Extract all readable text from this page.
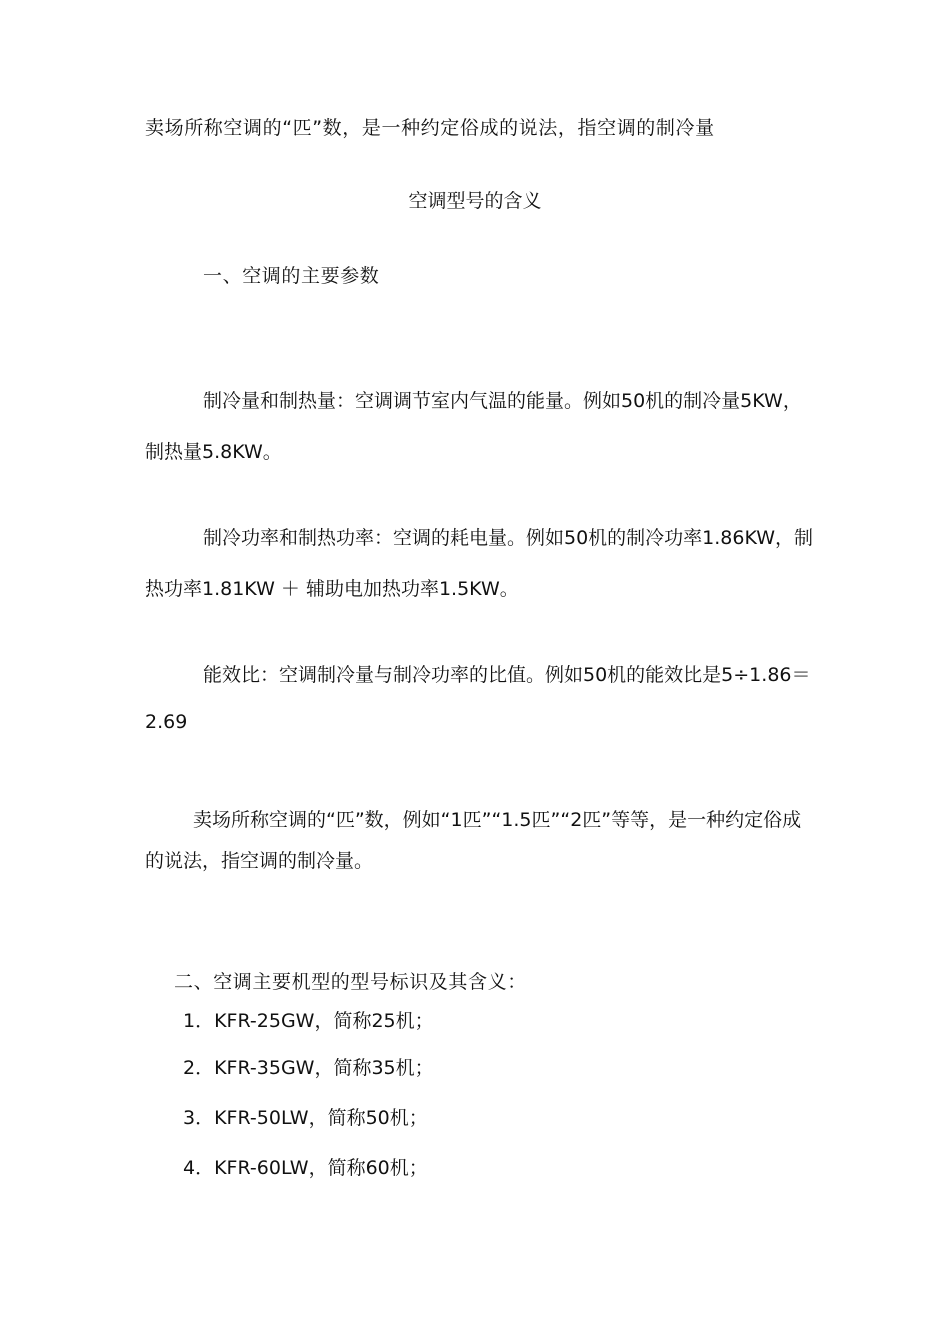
卖场所称空调的“匹”数，是一种约定俗成的说法，指空调的制冷量
空调型号的含义
一、空调的主要参数
制冷量和制热量：空调调节室内气温的能量。例如50机的制冷量5KW，
制热量5.8KW。
制冷功率和制热功率：空调的耗电量。例如50机的制冷功率1.86KW，制
热功率1.81KW ＋ 辅助电加热功率1.5KW。
能效比：空调制冷量与制冷功率的比值。例如50机的能效比是5÷1.86＝
2.69
卖场所称空调的“匹”数，例如“1匹”“1.5匹”“2匹”等等，是一种约定俗成
的说法，指空调的制冷量。
二、空调主要机型的型号标识及其含义：
1．KFR-25GW，简称25机；
2．KFR-35GW，简称35机；
3．KFR-50LW，简称50机；
4．KFR-60LW，简称60机；
